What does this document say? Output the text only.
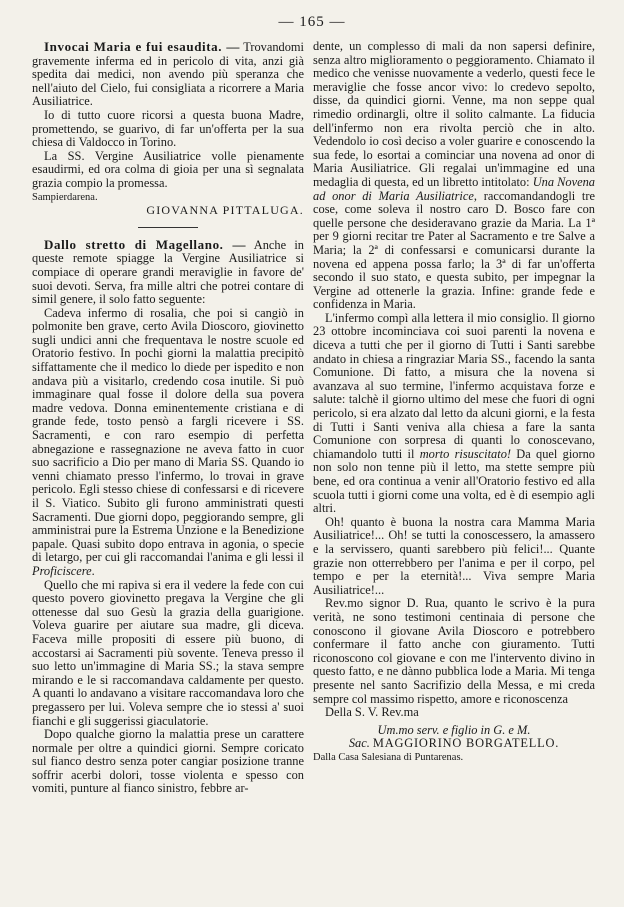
— 165 —

Invocai Maria e fui esaudita. — Trovandomi gravemente inferma ed in pericolo di vita, anzi già spedita dai medici, non avendo più speranza che nell'aiuto del Cielo, fui consigliata a ricorrere a Maria Ausiliatrice.

Io di tutto cuore ricorsi a questa buona Madre, promettendo, se guarivo, di far un'offerta per la sua chiesa di Valdocco in Torino.

La SS. Vergine Ausiliatrice volle pienamente esaudirmi, ed ora colma di gioia per una sì segnalata grazia compio la promessa.

Sampierdarena.

GIOVANNA PITTALUGA.

Dallo stretto di Magellano. — Anche in queste remote spiagge la Vergine Ausiliatrice si compiace di operare grandi meraviglie in favore de' suoi devoti. Serva, fra mille altri che potrei contare di simil genere, il solo fatto seguente:

Cadeva infermo di rosalia, che poi si cangiò in polmonite ben grave, certo Avila Dioscoro, giovinetto sugli undici anni che frequentava le nostre scuole ed Oratorio festivo. In pochi giorni la malattia precipitò siffattamente che il medico lo diede per ispedito e non andava più a visitarlo, credendo cosa inutile. Si può immaginare qual fosse il dolore della sua povera madre vedova. Donna eminentemente cristiana e di grande fede, tosto pensò a fargli ricevere i SS. Sacramenti, e con raro esempio di perfetta abnegazione e rassegnazione ne aveva fatto in cuor suo sacrificio a Dio per mano di Maria SS. Quando io venni chiamato presso l'infermo, lo trovai in grave pericolo. Egli stesso chiese di confessarsi e di ricevere il S. Viatico. Subito gli furono amministrati questi Sacramenti. Due giorni dopo, peggiorando sempre, gli amministrai pure la Estrema Unzione e la Benedizione papale. Quasi subito dopo entrava in agonia, o specie di letargo, per cui gli raccomandai l'anima e gli lessi il Proficiscere.

Quello che mi rapiva si era il vedere la fede con cui questo povero giovinetto pregava la Vergine che gli ottenesse dal suo Gesù la grazia della guarigione. Voleva guarire per aiutare sua madre, gli diceva. Faceva mille propositi di essere più buono, di accostarsi ai Sacramenti più sovente. Teneva presso il suo letto un'immagine di Maria SS.; la stava sempre mirando e le si raccomandava caldamente per questo. A quanti lo andavano a visitare raccomandava loro che pregassero per lui. Voleva sempre che io stessi a' suoi fianchi e gli suggerissi giaculatorie.

Dopo qualche giorno la malattia prese un carattere normale per oltre a quindici giorni. Sempre coricato sul fianco destro senza poter cangiar posizione tranne soffrir acerbi dolori, tosse violenta e spesso con vomiti, punture al fianco sinistro, febbre ar-

dente, un complesso di mali da non sapersi definire, senza altro miglioramento o peggioramento. Chiamato il medico che venisse nuovamente a vederlo, questi fece le meraviglie che fosse ancor vivo: lo credevo sepolto, disse, da quindici giorni. Venne, ma non seppe qual rimedio ordinargli, oltre il solito calmante. La fiducia dell'infermo non era rivolta perciò che in alto. Vedendolo io così deciso a voler guarire e conoscendo la sua fede, lo esortai a cominciar una novena ad onor di Maria Ausiliatrice. Gli regalai un'immagine ed una medaglia di questa, ed un libretto intitolato: Una Novena ad onor di Maria Ausiliatrice, raccomandandogli tre cose, come soleva il nostro caro D. Bosco fare con quelle persone che desideravano grazie da Maria. La 1ª per 9 giorni recitar tre Pater al Sacramento e tre Salve a Maria; la 2ª di confessarsi e comunicarsi durante la novena ed appena possa farlo; la 3ª di far un'offerta secondo il suo stato, e questa subito, per impegnar la Vergine ad ottenerle la grazia. Infine: grande fede e confidenza in Maria.

L'infermo compì alla lettera il mio consiglio. Il giorno 23 ottobre incominciava coi suoi parenti la novena e diceva a tutti che per il giorno di Tutti i Santi sarebbe andato in chiesa a ringraziar Maria SS., facendo la santa Comunione. Di fatto, a misura che la novena si avanzava al suo termine, l'infermo acquistava forze e salute: talchè il giorno ultimo del mese che fuori di ogni pericolo, si era alzato dal letto da alcuni giorni, e la festa di Tutti i Santi veniva alla chiesa a fare la santa Comunione con sorpresa di quanti lo conoscevano, chiamandolo tutti il morto risuscitato! Da quel giorno non solo non tenne più il letto, ma stette sempre più bene, ed ora continua a venir all'Oratorio festivo ed alla scuola tutti i giorni come una volta, ed è di esempio agli altri.

Oh! quanto è buona la nostra cara Mamma Maria Ausiliatrice!... Oh! se tutti la conoscessero, la amassero e la servissero, quanti sarebbero più felici!... Quante grazie non otterrebbero per l'anima e per il corpo, pel tempo e per la eternità!... Viva sempre Maria Ausiliatrice!...

Rev.mo signor D. Rua, quanto le scrivo è la pura verità, ne sono testimoni centinaia di persone che conoscono il giovane Avila Dioscoro e potrebbero confermare il fatto anche con giuramento. Tutti riconoscono col giovane e con me l'intervento divino in questo fatto, e ne dànno pubblica lode a Maria. Mi tenga presente nel santo Sacrifizio della Messa, e mi creda sempre col massimo rispetto, amore e riconoscenza

Della S. V. Rev.ma

Um.mo serv. e figlio in G. e M.
Sac. MAGGIORINO BORGATELLO.

Dalla Casa Salesiana di Puntarenas.
